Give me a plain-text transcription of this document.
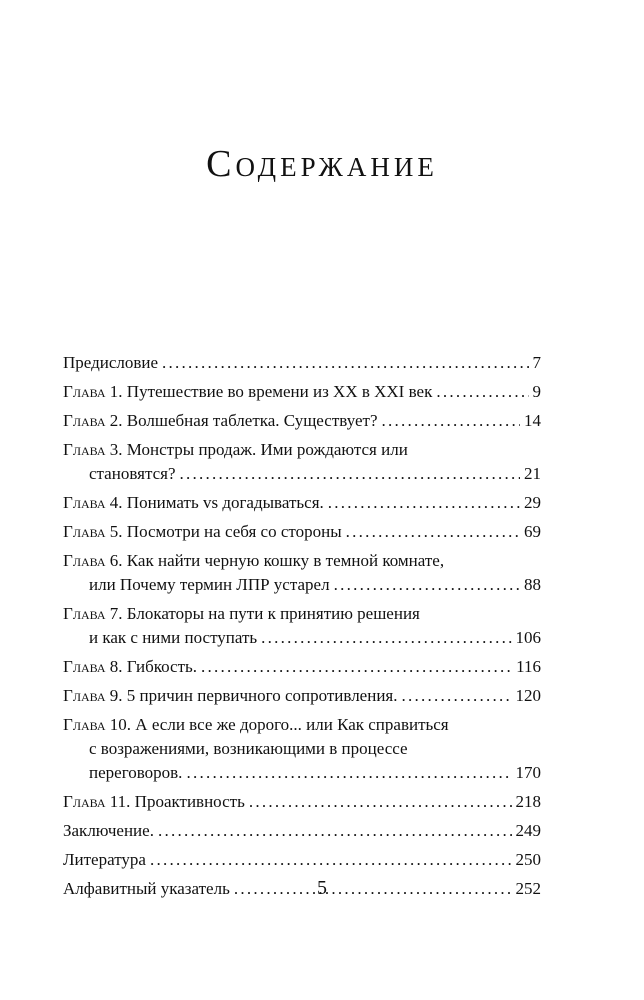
Содержание
Предисловие . . .	7
Глава 1. Путешествие во времени из XX в XXI век . . .	9
Глава 2. Волшебная таблетка. Существует? . . .	14
Глава 3. Монстры продаж. Ими рождаются или
становятся? . . .	21
Глава 4. Понимать vs догадываться. . . .	29
Глава 5. Посмотри на себя со стороны . . .	69
Глава 6. Как найти черную кошку в темной комнате,
или Почему термин ЛПР устарел . . .	88
Глава 7. Блокаторы на пути к принятию решения
и как с ними поступать . . .	106
Глава 8. Гибкость. . . .	116
Глава 9. 5 причин первичного сопротивления. . . .	120
Глава 10. А если все же дорого... или Как справиться
с возражениями, возникающими в процессе
переговоров. . . .	170
Глава 11. Проактивность . . .	218
Заключение. . . .	249
Литература . . .	250
Алфавитный указатель . . .	252
5
